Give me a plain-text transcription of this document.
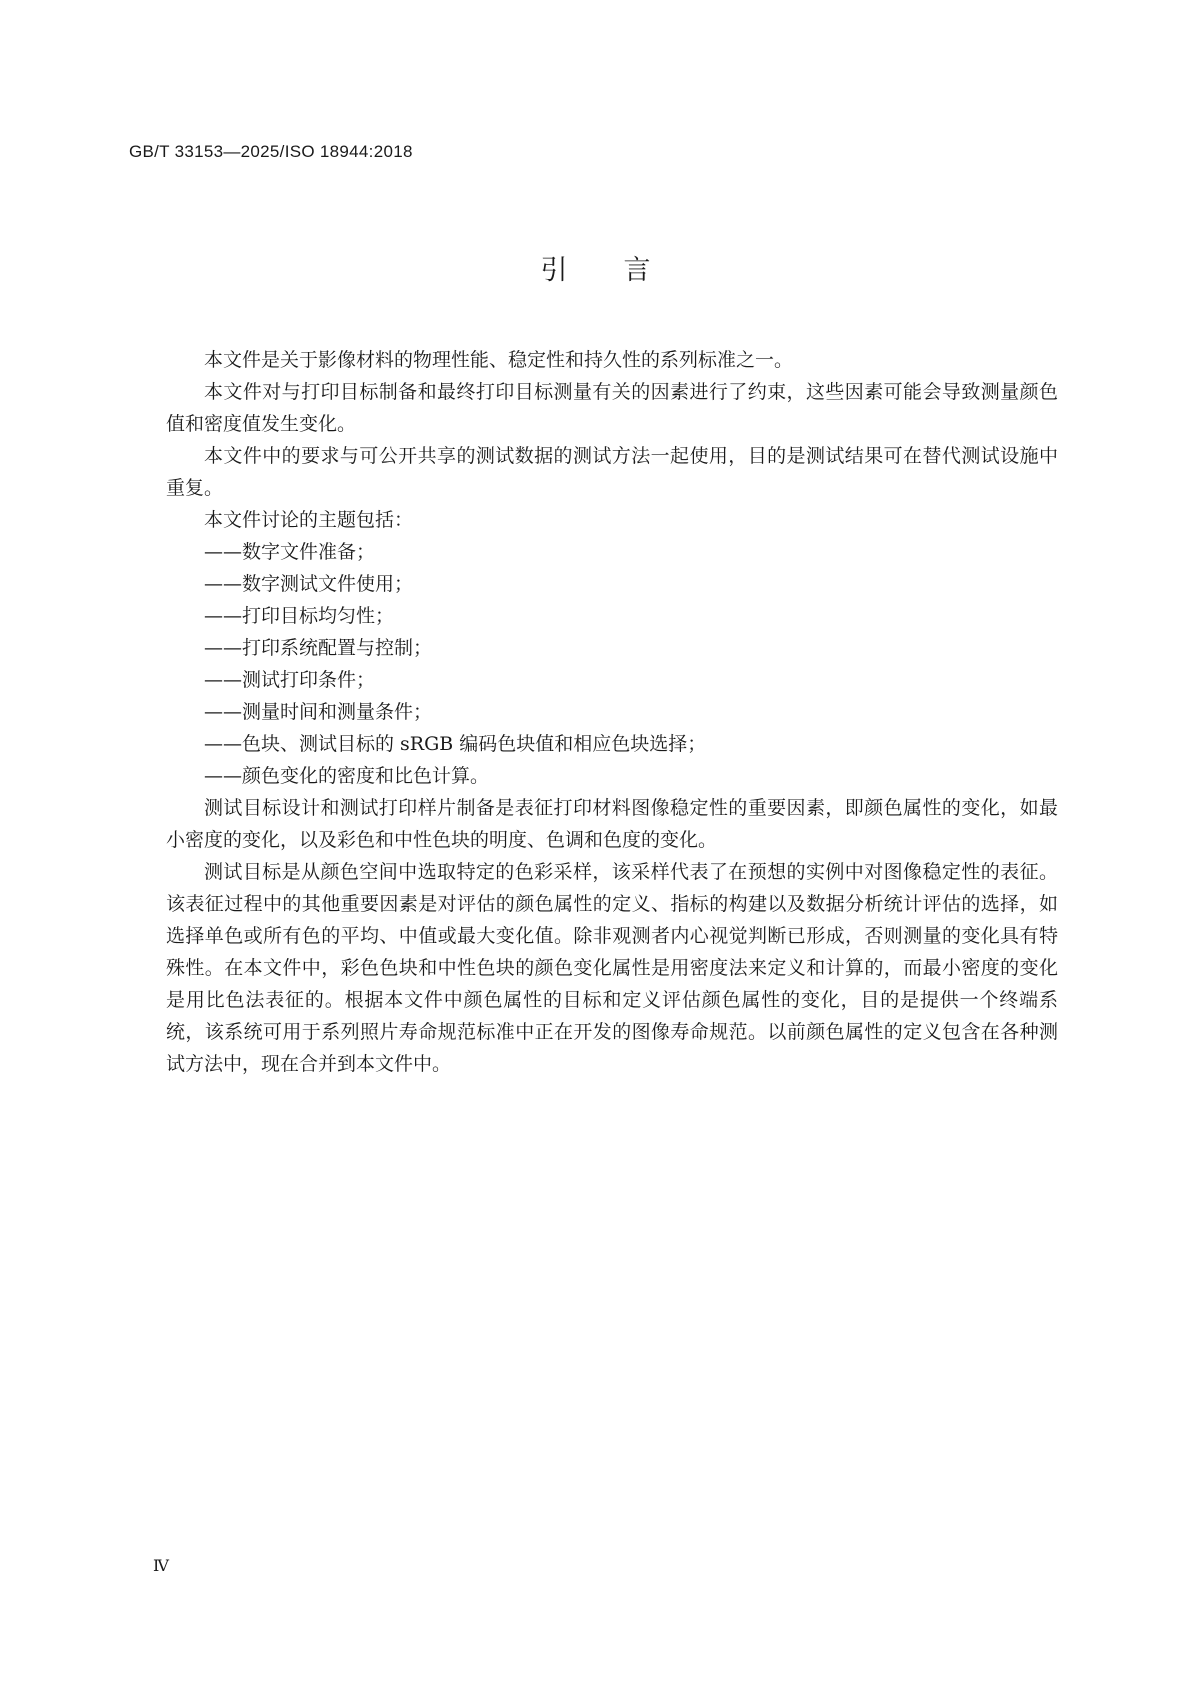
GB/T 33153—2025/ISO 18944:2018
引言

本文件是关于影像材料的物理性能、稳定性和持久性的系列标准之一。

本文件对与打印目标制备和最终打印目标测量有关的因素进行了约束，这些因素可能会导致测量颜色值和密度值发生变化。

本文件中的要求与可公开共享的测试数据的测试方法一起使用，目的是测试结果可在替代测试设施中重复。

本文件讨论的主题包括：

——数字文件准备；

——数字测试文件使用；

——打印目标均匀性；

——打印系统配置与控制；

——测试打印条件；

——测量时间和测量条件；

——色块、测试目标的 sRGB 编码色块值和相应色块选择；

——颜色变化的密度和比色计算。

测试目标设计和测试打印样片制备是表征打印材料图像稳定性的重要因素，即颜色属性的变化，如最小密度的变化，以及彩色和中性色块的明度、色调和色度的变化。

测试目标是从颜色空间中选取特定的色彩采样，该采样代表了在预想的实例中对图像稳定性的表征。该表征过程中的其他重要因素是对评估的颜色属性的定义、指标的构建以及数据分析统计评估的选择，如选择单色或所有色的平均、中值或最大变化值。除非观测者内心视觉判断已形成，否则测量的变化具有特殊性。在本文件中，彩色色块和中性色块的颜色变化属性是用密度法来定义和计算的，而最小密度的变化是用比色法表征的。根据本文件中颜色属性的目标和定义评估颜色属性的变化，目的是提供一个终端系统，该系统可用于系列照片寿命规范标准中正在开发的图像寿命规范。以前颜色属性的定义包含在各种测试方法中，现在合并到本文件中。

Ⅳ
